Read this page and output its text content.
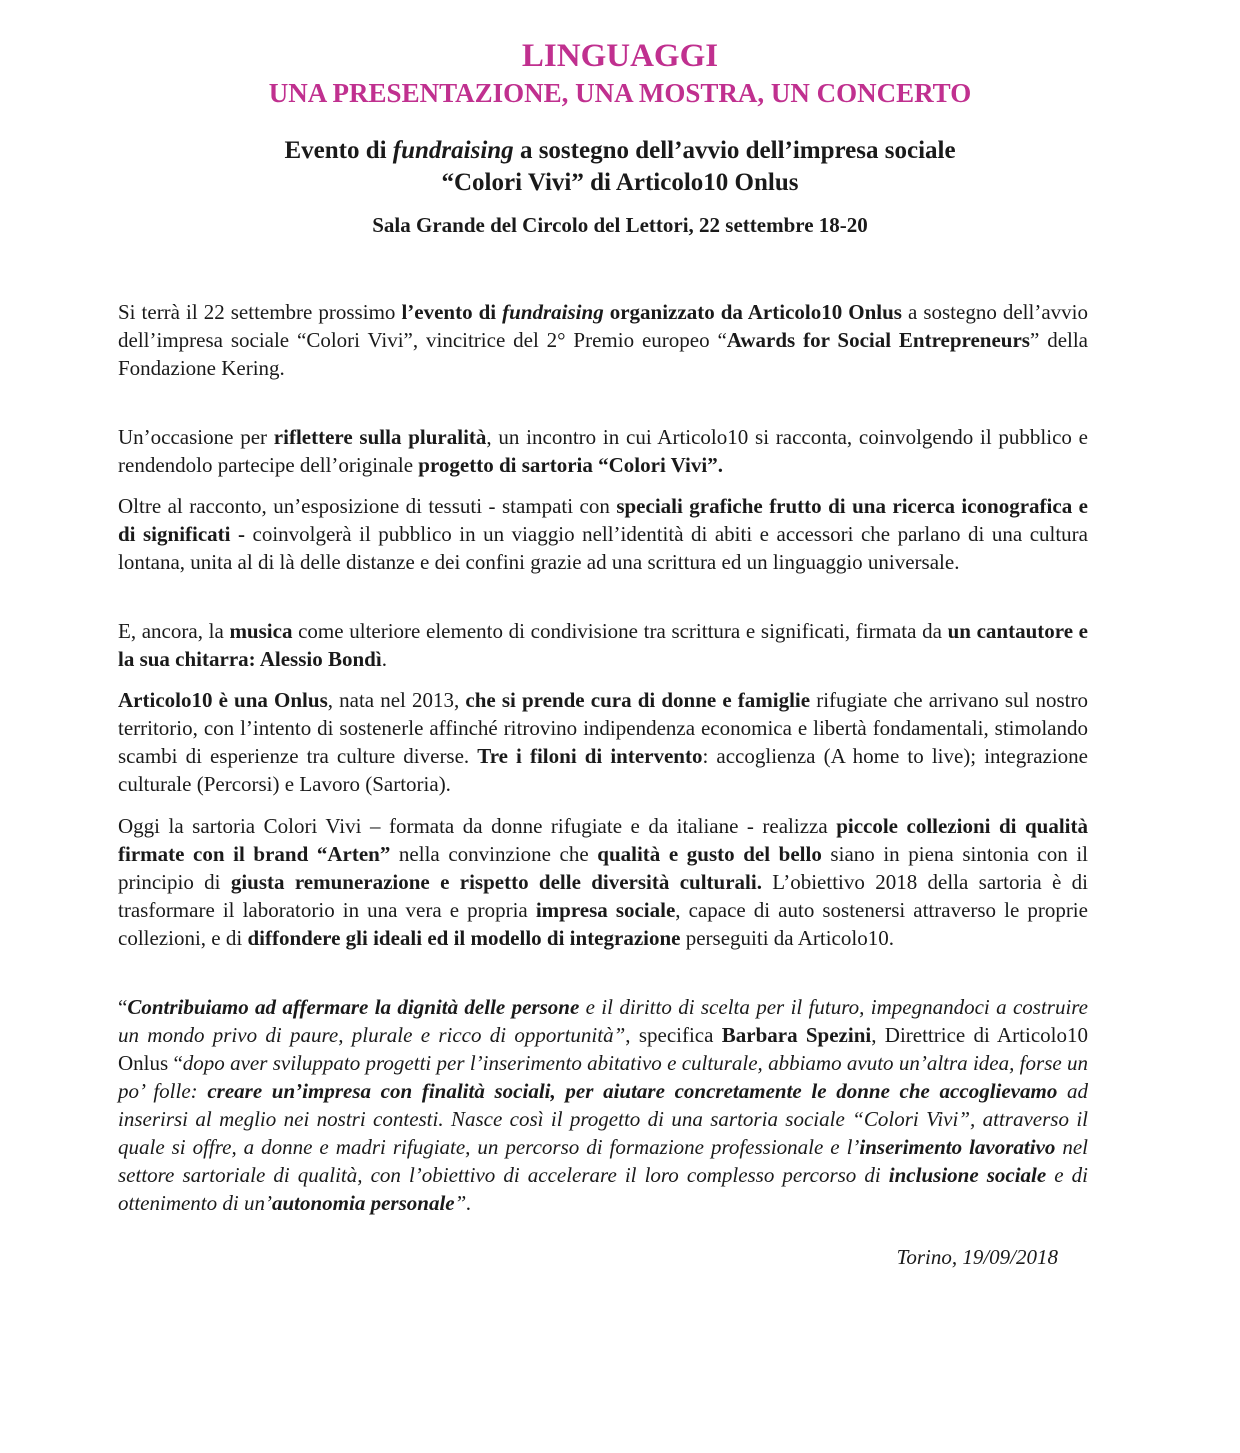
LINGUAGGI
UNA PRESENTAZIONE, UNA MOSTRA, UN CONCERTO
Evento di fundraising a sostegno dell’avvio dell’impresa sociale
“Colori Vivi” di Articolo10 Onlus
Sala Grande del Circolo del Lettori, 22 settembre 18-20

Si terrà il 22 settembre prossimo l’evento di fundraising organizzato da Articolo10 Onlus a sostegno dell’avvio dell’impresa sociale “Colori Vivi”, vincitrice del 2° Premio europeo “Awards for Social Entrepreneurs” della Fondazione Kering.

Un’occasione per riflettere sulla pluralità, un incontro in cui Articolo10 si racconta, coinvolgendo il pubblico e rendendolo partecipe dell’originale progetto di sartoria “Colori Vivi”.

Oltre al racconto, un’esposizione di tessuti - stampati con speciali grafiche frutto di una ricerca iconografica e di significati - coinvolgerà il pubblico in un viaggio nell’identità di abiti e accessori che parlano di una cultura lontana, unita al di là delle distanze e dei confini grazie ad una scrittura ed un linguaggio universale.

E, ancora, la musica come ulteriore elemento di condivisione tra scrittura e significati, firmata da un cantautore e la sua chitarra: Alessio Bondì.

Articolo10 è una Onlus, nata nel 2013, che si prende cura di donne e famiglie rifugiate che arrivano sul nostro territorio, con l’intento di sostenerle affinché ritrovino indipendenza economica e libertà fondamentali, stimolando scambi di esperienze tra culture diverse. Tre i filoni di intervento: accoglienza (A home to live); integrazione culturale (Percorsi) e Lavoro (Sartoria).

Oggi la sartoria Colori Vivi – formata da donne rifugiate e da italiane - realizza piccole collezioni di qualità firmate con il brand “Arten” nella convinzione che qualità e gusto del bello siano in piena sintonia con il principio di giusta remunerazione e rispetto delle diversità culturali. L’obiettivo 2018 della sartoria è di trasformare il laboratorio in una vera e propria impresa sociale, capace di auto sostenersi attraverso le proprie collezioni, e di diffondere gli ideali ed il modello di integrazione perseguiti da Articolo10.

“Contribuiamo ad affermare la dignità delle persone e il diritto di scelta per il futuro, impegnandoci a costruire un mondo privo di paure, plurale e ricco di opportunità”, specifica Barbara Spezini, Direttrice di Articolo10 Onlus “dopo aver sviluppato progetti per l’inserimento abitativo e culturale, abbiamo avuto un’altra idea, forse un po’ folle: creare un’impresa con finalità sociali, per aiutare concretamente le donne che accoglievamo ad inserirsi al meglio nei nostri contesti. Nasce così il progetto di una sartoria sociale “Colori Vivi”, attraverso il quale si offre, a donne e madri rifugiate, un percorso di formazione professionale e l’inserimento lavorativo nel settore sartoriale di qualità, con l’obiettivo di accelerare il loro complesso percorso di inclusione sociale e di ottenimento di un’autonomia personale”.

Torino, 19/09/2018
